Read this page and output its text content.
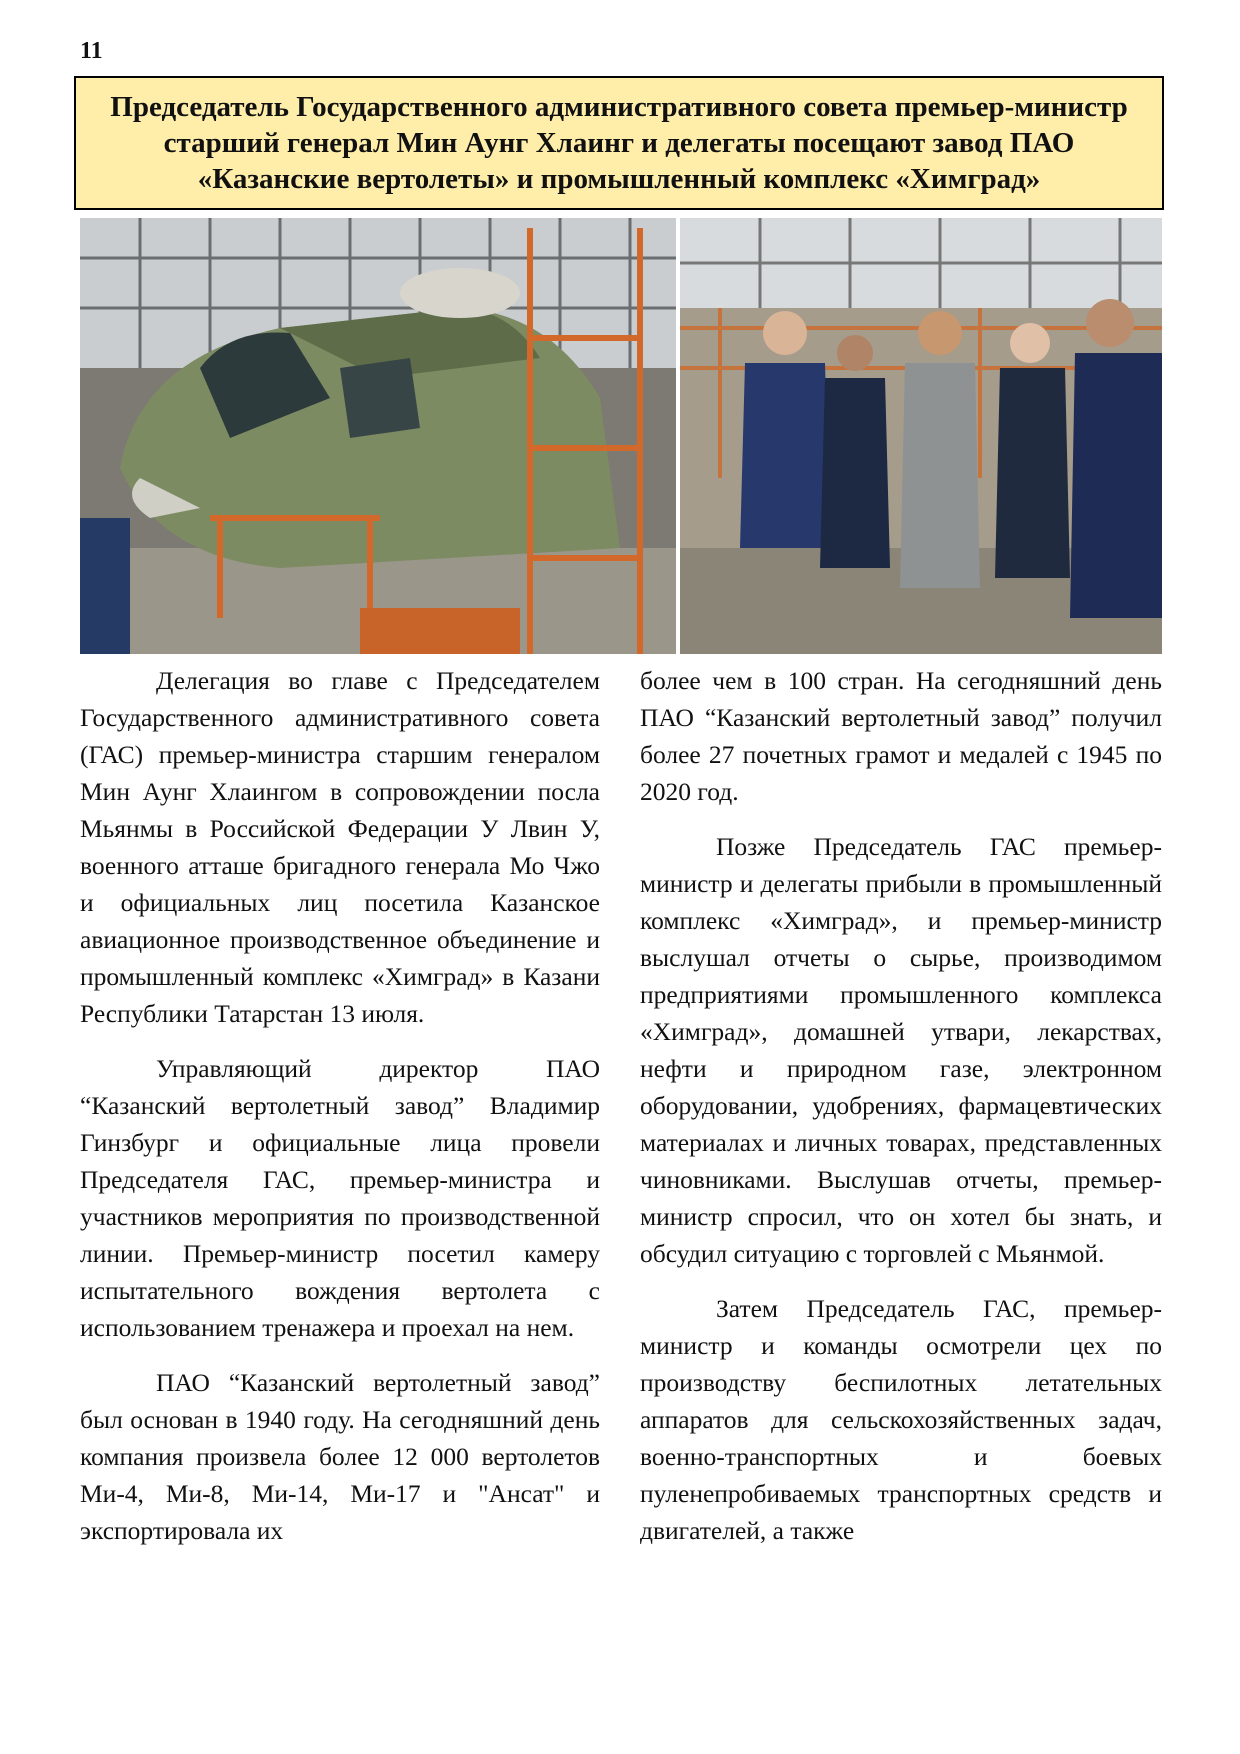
11
Председатель Государственного административного совета премьер-министр старший генерал Мин Аунг Хлаинг и делегаты посещают завод ПАО «Казанские вертолеты» и промышленный комплекс «Химград»

Делегация во главе с Председателем Государственного административного совета (ГАС) премьер-министра старшим генералом Мин Аунг Хлаингом в сопровождении посла Мьянмы в Российской Федерации У Лвин У, военного атташе бригадного генерала Мо Чжо и официальных лиц посетила Казанское авиационное производственное объединение и промышленный комплекс «Химград» в Казани Республики Татарстан 13 июля.

Управляющий директор ПАО “Казанский вертолетный завод” Владимир Гинзбург и официальные лица провели Председателя ГАС, премьер-министра и участников мероприятия по производственной линии. Премьер-министр посетил камеру испытательного вождения вертолета с использованием тренажера и проехал на нем.

ПАО “Казанский вертолетный завод” был основан в 1940 году. На сегодняшний день компания произвела более 12 000 вертолетов Ми-4, Ми-8, Ми-14, Ми-17 и "Ансат" и экспортировала их

более чем в 100 стран. На сегодняшний день ПАО “Казанский вертолетный завод” получил более 27 почетных грамот и медалей с 1945 по 2020 год.

Позже Председатель ГАС премьер-министр и делегаты прибыли в промышленный комплекс «Химград», и премьер-министр выслушал отчеты о сырье, производимом предприятиями промышленного комплекса «Химград», домашней утвари, лекарствах, нефти и природном газе, электронном оборудовании, удобрениях, фармацевтических материалах и личных товарах, представленных чиновниками. Выслушав отчеты, премьер-министр спросил, что он хотел бы знать, и обсудил ситуацию с торговлей с Мьянмой.

Затем Председатель ГАС, премьер-министр и команды осмотрели цех по производству беспилотных летательных аппаратов для сельскохозяйственных задач, военно-транспортных и боевых пуленепробиваемых транспортных средств и двигателей, а также
